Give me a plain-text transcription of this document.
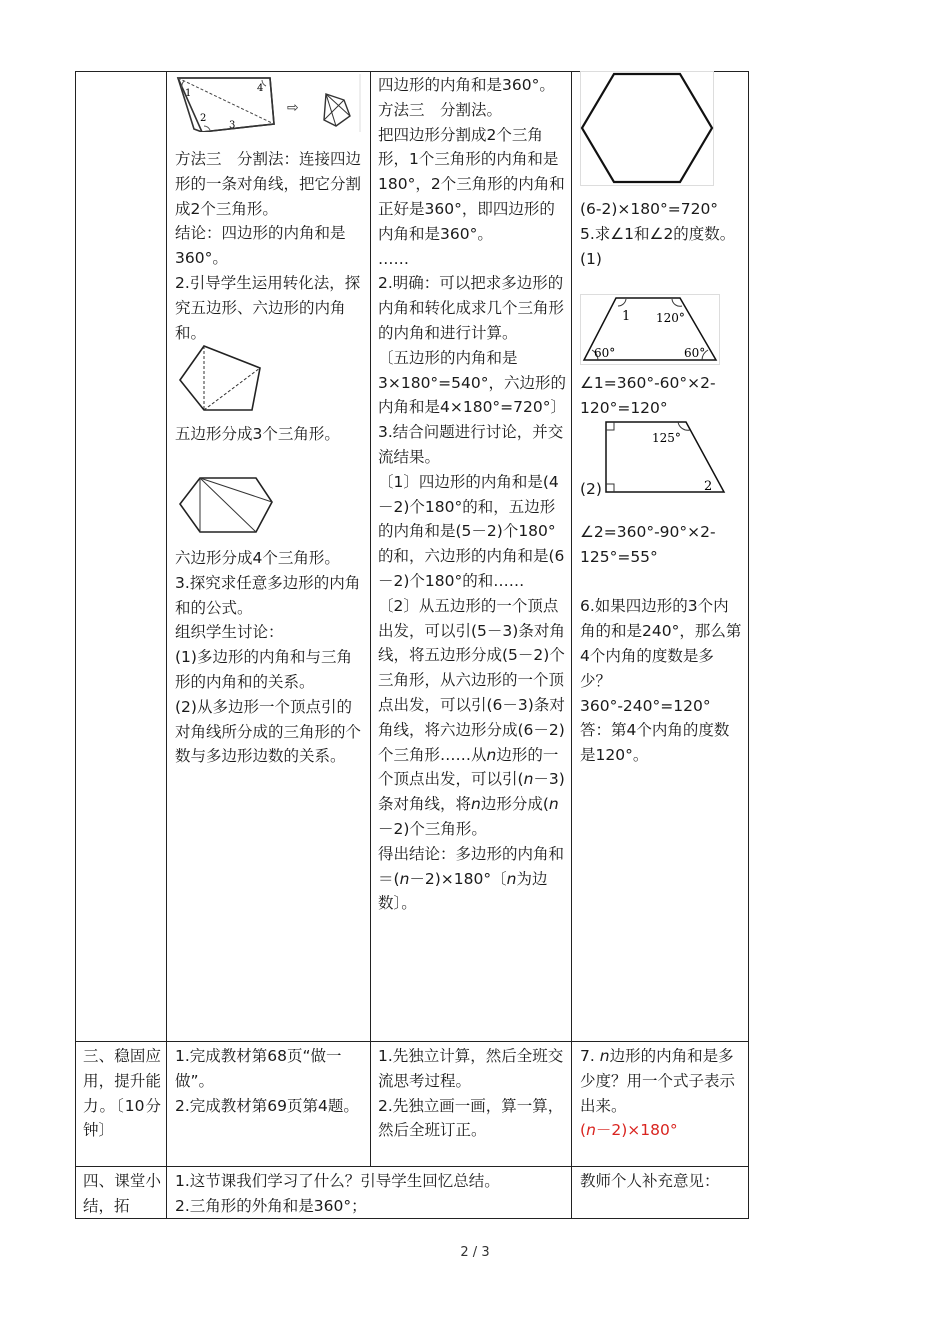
2
3
4
1
⇨

方法三　分割法：连接四边形的一条对角线，把它分割成2个三角形。

结论：四边形的内角和是360°。

2.引导学生运用转化法，探究五边形、六边形的内角和。

五边形分成3个三角形。

六边形分成4个三角形。

3.探究求任意多边形的内角和的公式。

组织学生讨论：

(1)多边形的内角和与三角形的内角和的关系。

(2)从多边形一个顶点引的对角线所分成的三角形的个数与多边形边数的关系。

四边形的内角和是360°。

方法三　分割法。

把四边形分割成2个三角形，1个三角形的内角和是180°，2个三角形的内角和正好是360°，即四边形的内角和是360°。

……

2.明确：可以把求多边形的内角和转化成求几个三角形的内角和进行计算。

〔五边形的内角和是3×180°=540°，六边形的内角和是4×180°=720°〕

3.结合问题进行讨论，并交流结果。

〔1〕四边形的内角和是(4－2)个180°的和，五边形的内角和是(5－2)个180°的和，六边形的内角和是(6－2)个180°的和……

〔2〕从五边形的一个顶点出发，可以引(5－3)条对角线，将五边形分成(5－2)个三角形，从六边形的一个顶点出发，可以引(6－3)条对角线，将六边形分成(6－2)个三角形……从n边形的一个顶点出发，可以引(n－3)条对角线，将n边形分成(n－2)个三角形。

得出结论：多边形的内角和＝(n－2)×180°〔n为边数〕。

(6-2)×180°=720°

5.求∠1和∠2的度数。

(1)

1 120°
60°	60°

∠1=360°-60°×2-120°=120°

125°
2

(2)

∠2=360°-90°×2-125°=55°

6.如果四边形的3个内角的和是240°，那么第4个内角的度数是多少？

360°-240°=120°

答：第4个内角的度数是120°。

三、稳固应用，提升能力。〔10分钟〕

1.完成教材第68页“做一做”。

2.完成教材第69页第4题。

1.先独立计算，然后全班交流思考过程。

2.先独立画一画，算一算，然后全班订正。

7. n边形的内角和是多少度？用一个式子表示出来。

(n－2)×180°

四、课堂小结，拓

1.这节课我们学习了什么？引导学生回忆总结。

2.三角形的外角和是360°；

教师个人补充意见：

2 / 3
